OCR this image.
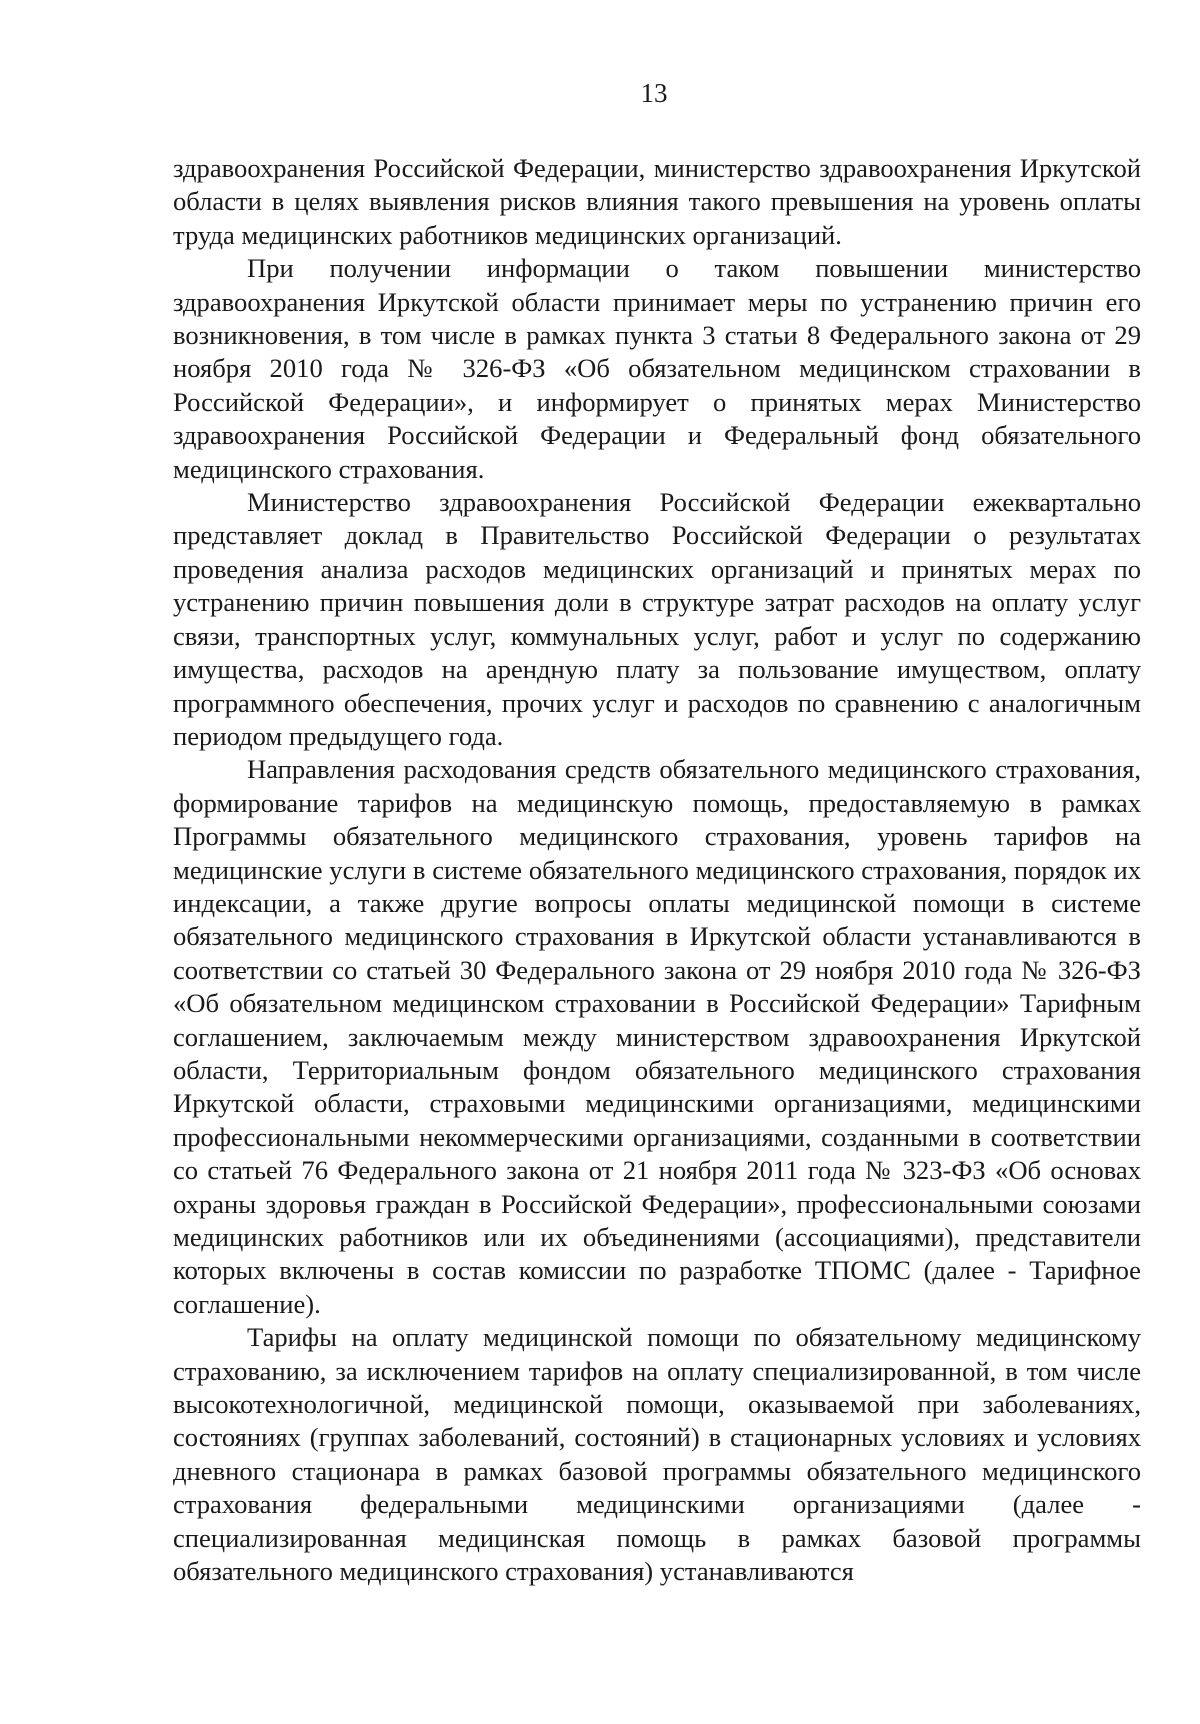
13

здравоохранения Российской Федерации, министерство здравоохранения Иркутской области в целях выявления рисков влияния такого превышения на уровень оплаты труда медицинских работников медицинских организаций.

При получении информации о таком повышении министерство здравоохранения Иркутской области принимает меры по устранению причин его возникновения, в том числе в рамках пункта 3 статьи 8 Федерального закона от 29 ноября 2010 года № 326-ФЗ «Об обязательном медицинском страховании в Российской Федерации», и информирует о принятых мерах Министерство здравоохранения Российской Федерации и Федеральный фонд обязательного медицинского страхования.

Министерство здравоохранения Российской Федерации ежеквартально представляет доклад в Правительство Российской Федерации о результатах проведения анализа расходов медицинских организаций и принятых мерах по устранению причин повышения доли в структуре затрат расходов на оплату услуг связи, транспортных услуг, коммунальных услуг, работ и услуг по содержанию имущества, расходов на арендную плату за пользование имуществом, оплату программного обеспечения, прочих услуг и расходов по сравнению с аналогичным периодом предыдущего года.

Направления расходования средств обязательного медицинского страхования, формирование тарифов на медицинскую помощь, предоставляемую в рамках Программы обязательного медицинского страхования, уровень тарифов на медицинские услуги в системе обязательного медицинского страхования, порядок их индексации, а также другие вопросы оплаты медицинской помощи в системе обязательного медицинского страхования в Иркутской области устанавливаются в соответствии со статьей 30 Федерального закона от 29 ноября 2010 года № 326-ФЗ «Об обязательном медицинском страховании в Российской Федерации» Тарифным соглашением, заключаемым между министерством здравоохранения Иркутской области, Территориальным фондом обязательного медицинского страхования Иркутской области, страховыми медицинскими организациями, медицинскими профессиональными некоммерческими организациями, созданными в соответствии со статьей 76 Федерального закона от 21 ноября 2011 года № 323-ФЗ «Об основах охраны здоровья граждан в Российской Федерации», профессиональными союзами медицинских работников или их объединениями (ассоциациями), представители которых включены в состав комиссии по разработке ТПОМС (далее - Тарифное соглашение).

Тарифы на оплату медицинской помощи по обязательному медицинскому страхованию, за исключением тарифов на оплату специализированной, в том числе высокотехнологичной, медицинской помощи, оказываемой при заболеваниях, состояниях (группах заболеваний, состояний) в стационарных условиях и условиях дневного стационара в рамках базовой программы обязательного медицинского страхования федеральными медицинскими организациями (далее - специализированная медицинская помощь в рамках базовой программы обязательного медицинского страхования) устанавливаются
